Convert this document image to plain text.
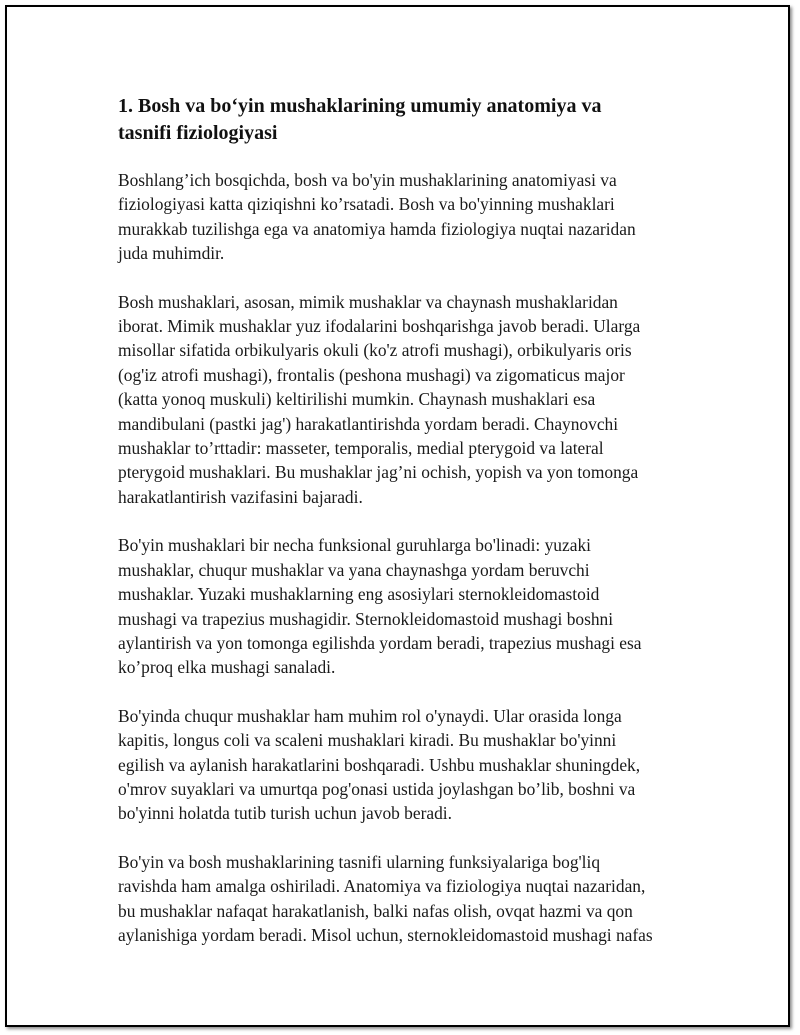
1. Bosh va bo‘yin mushaklarining umumiy anatomiya va
tasnifi fiziologiyasi

Boshlang’ich bosqichda, bosh va bo'yin mushaklarining anatomiyasi va
fiziologiyasi katta qiziqishni ko’rsatadi. Bosh va bo'yinning mushaklari
murakkab tuzilishga ega va anatomiya hamda fiziologiya nuqtai nazaridan
juda muhimdir.

Bosh mushaklari, asosan, mimik mushaklar va chaynash mushaklaridan
iborat. Mimik mushaklar yuz ifodalarini boshqarishga javob beradi. Ularga
misollar sifatida orbikulyaris okuli (ko'z atrofi mushagi), orbikulyaris oris
(og'iz atrofi mushagi), frontalis (peshona mushagi) va zigomaticus major
(katta yonoq muskuli) keltirilishi mumkin. Chaynash mushaklari esa
mandibulani (pastki jag') harakatlantirishda yordam beradi. Chaynovchi
mushaklar to’rttadir: masseter, temporalis, medial pterygoid va lateral
pterygoid mushaklari. Bu mushaklar jag’ni ochish, yopish va yon tomonga
harakatlantirish vazifasini bajaradi.

Bo'yin mushaklari bir necha funksional guruhlarga bo'linadi: yuzaki
mushaklar, chuqur mushaklar va yana chaynashga yordam beruvchi
mushaklar. Yuzaki mushaklarning eng asosiylari sternokleidomastoid
mushagi va trapezius mushagidir. Sternokleidomastoid mushagi boshni
aylantirish va yon tomonga egilishda yordam beradi, trapezius mushagi esa
ko’proq elka mushagi sanaladi.

Bo'yinda chuqur mushaklar ham muhim rol o'ynaydi. Ular orasida longa
kapitis, longus coli va scaleni mushaklari kiradi. Bu mushaklar bo'yinni
egilish va aylanish harakatlarini boshqaradi. Ushbu mushaklar shuningdek,
o'mrov suyaklari va umurtqa pog'onasi ustida joylashgan bo’lib, boshni va
bo'yinni holatda tutib turish uchun javob beradi.

Bo'yin va bosh mushaklarining tasnifi ularning funksiyalariga bog'liq
ravishda ham amalga oshiriladi. Anatomiya va fiziologiya nuqtai nazaridan,
bu mushaklar nafaqat harakatlanish, balki nafas olish, ovqat hazmi va qon
aylanishiga yordam beradi. Misol uchun, sternokleidomastoid mushagi nafas
